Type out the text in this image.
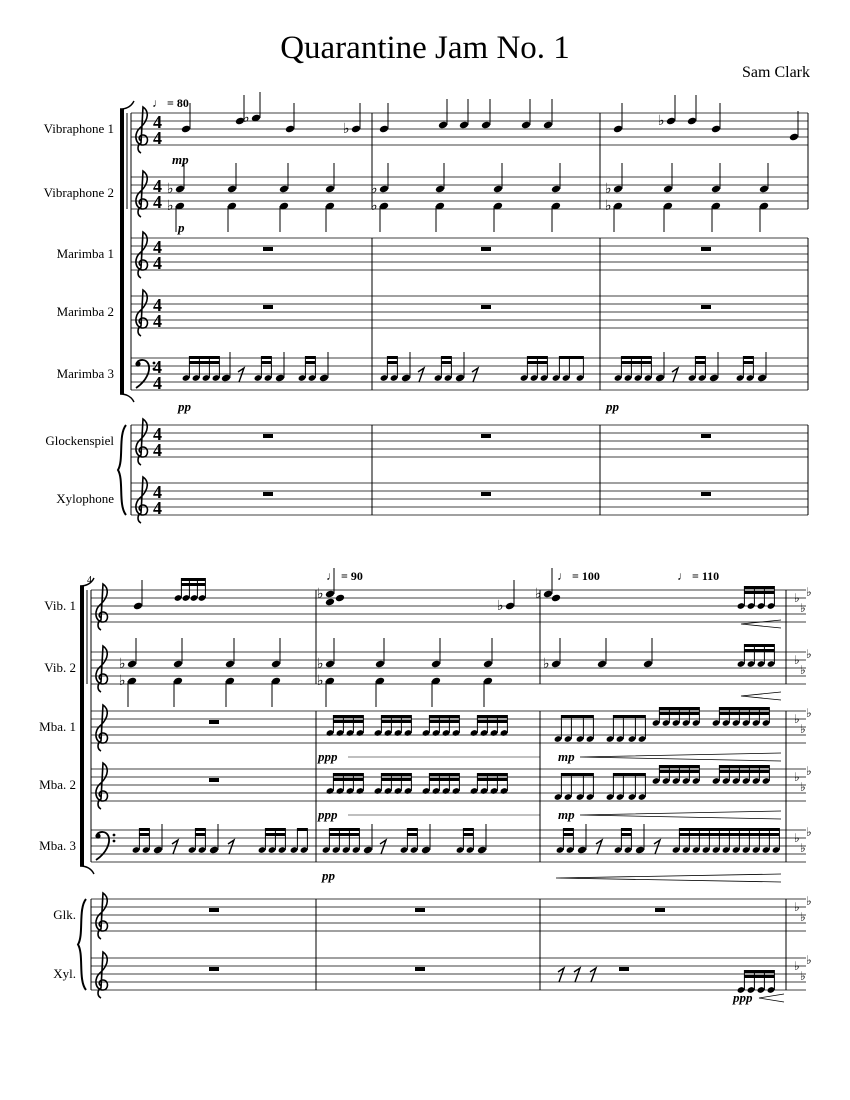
Quarantine Jam No. 1
Sam Clark
Vibraphone 1 4
4
Vibraphone 2 4
4
Marimba 1 4
4
Marimba 2 4
4
Marimba 3 4
4
Glockenspiel 4
4
Xylophone 4
4
♩ = 80
♭
♭	♭
mp
♭
♭
♭
♭
♭
♭
p
pp	pp
4
Vib. 1
Vib. 2
Mba. 1
Mba. 2
Mba. 3
Glk.
Xyl.
♩ = 90	♩ = 100	♩ = 110
♭
♭
♭
♭
♭
♭
♭
♭
♭
♭
♭
♭
♭
♭
♭
♭
♭
♭
♭
♭
♭
♭
♭
♭
♭
♭
♭
♭
♭
ppp	mp
ppp	mp
pp
ppp
